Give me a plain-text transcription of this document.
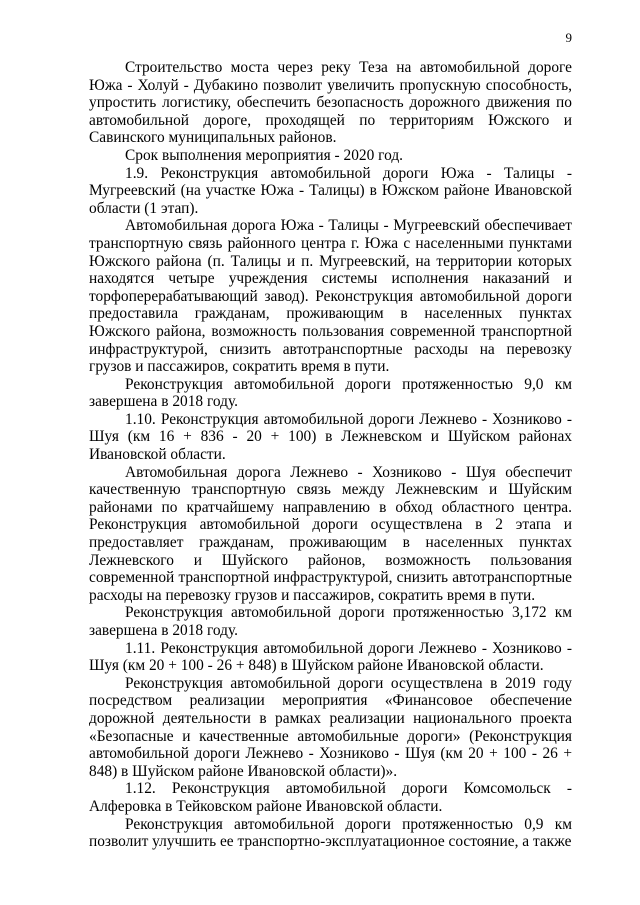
9

Строительство моста через реку Теза на автомобильной дороге Южа - Холуй - Дубакино позволит увеличить пропускную способность, упростить логистику, обеспечить безопасность дорожного движения по автомобильной дороге, проходящей по территориям Южского и Савинского муниципальных районов.

Срок выполнения мероприятия - 2020 год.

1.9. Реконструкция автомобильной дороги Южа - Талицы - Мугреевский (на участке Южа - Талицы) в Южском районе Ивановской области (1 этап).

Автомобильная дорога Южа - Талицы - Мугреевский обеспечивает транспортную связь районного центра г. Южа с населенными пунктами Южского района (п. Талицы и п. Мугреевский, на территории которых находятся четыре учреждения системы исполнения наказаний и торфоперерабатывающий завод). Реконструкция автомобильной дороги предоставила гражданам, проживающим в населенных пунктах Южского района, возможность пользования современной транспортной инфраструктурой, снизить автотранспортные расходы на перевозку грузов и пассажиров, сократить время в пути.

Реконструкция автомобильной дороги протяженностью 9,0 км завершена в 2018 году.

1.10. Реконструкция автомобильной дороги Лежнево - Хозниково - Шуя (км 16 + 836 - 20 + 100) в Лежневском и Шуйском районах Ивановской области.

Автомобильная дорога Лежнево - Хозниково - Шуя обеспечит качественную транспортную связь между Лежневским и Шуйским районами по кратчайшему направлению в обход областного центра. Реконструкция автомобильной дороги осуществлена в 2 этапа и предоставляет гражданам, проживающим в населенных пунктах Лежневского и Шуйского районов, возможность пользования современной транспортной инфраструктурой, снизить автотранспортные расходы на перевозку грузов и пассажиров, сократить время в пути.

Реконструкция автомобильной дороги протяженностью 3,172 км завершена в 2018 году.

1.11. Реконструкция автомобильной дороги Лежнево - Хозниково - Шуя (км 20 + 100 - 26 + 848) в Шуйском районе Ивановской области.

Реконструкция автомобильной дороги осуществлена в 2019 году посредством реализации мероприятия «Финансовое обеспечение дорожной деятельности в рамках реализации национального проекта «Безопасные и качественные автомобильные дороги» (Реконструкция автомобильной дороги Лежнево - Хозниково - Шуя (км 20 + 100 - 26 + 848) в Шуйском районе Ивановской области)».

1.12. Реконструкция автомобильной дороги Комсомольск - Алферовка в Тейковском районе Ивановской области.

Реконструкция автомобильной дороги протяженностью 0,9 км позволит улучшить ее транспортно-эксплуатационное состояние, а также
